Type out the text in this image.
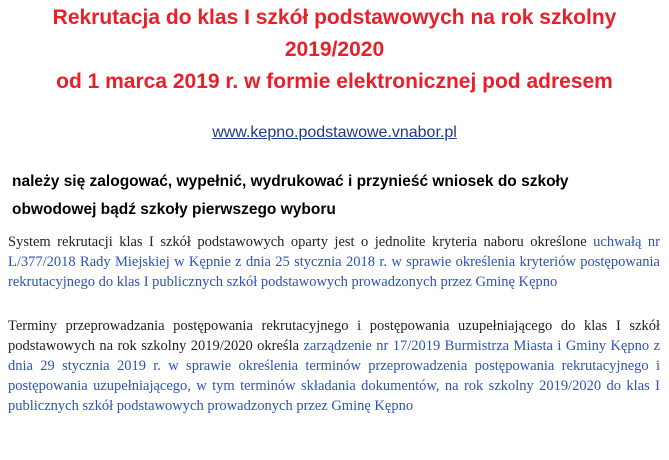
Rekrutacja do klas I szkół podstawowych na rok szkolny
2019/2020
od 1 marca 2019 r. w formie elektronicznej pod adresem
www.kepno.podstawowe.vnabor.pl
należy się zalogować, wypełnić, wydrukować i przynieść wniosek do szkoły obwodowej bądź szkoły pierwszego wyboru
System rekrutacji klas I szkół podstawowych oparty jest o jednolite kryteria naboru określone uchwałą nr L/377/2018 Rady Miejskiej w Kępnie z dnia 25 stycznia 2018 r. w sprawie określenia kryteriów postępowania rekrutacyjnego do klas I publicznych szkół podstawowych prowadzonych przez Gminę Kępno
Terminy przeprowadzania postępowania rekrutacyjnego i postępowania uzupełniającego do klas I szkół podstawowych na rok szkolny 2019/2020 określa zarządzenie nr 17/2019 Burmistrza Miasta i Gminy Kępno z dnia 29 stycznia 2019 r. w sprawie określenia terminów przeprowadzenia postępowania rekrutacyjnego i postępowania uzupełniającego, w tym terminów składania dokumentów, na rok szkolny 2019/2020 do klas I publicznych szkół podstawowych prowadzonych przez Gminę Kępno
